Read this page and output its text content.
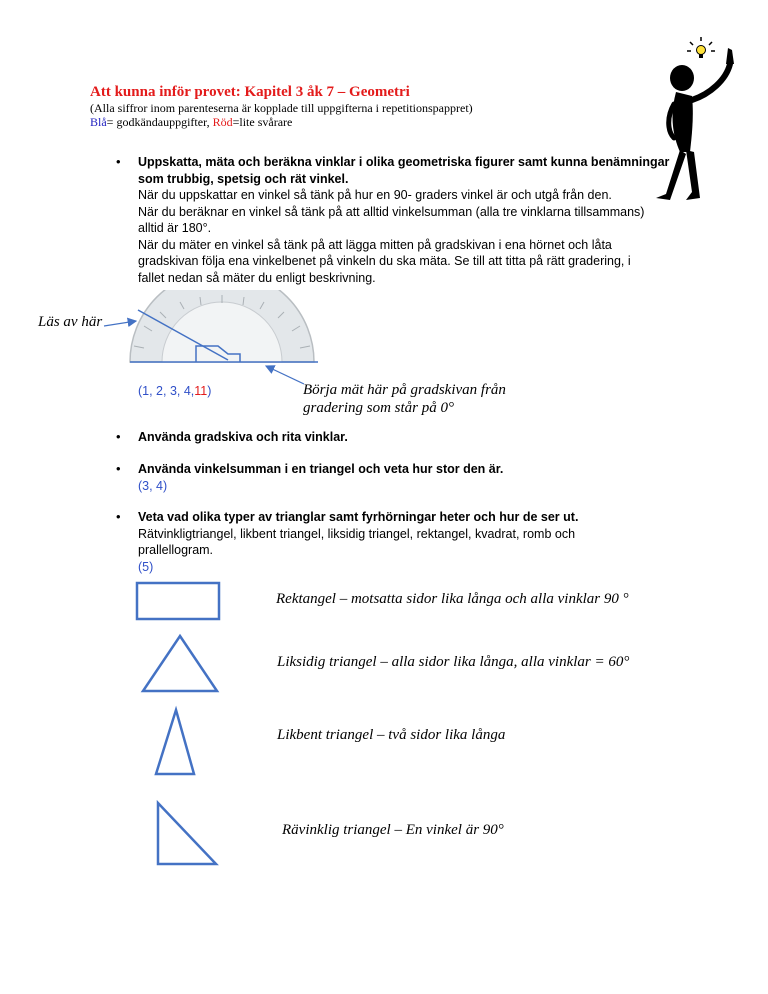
Att kunna inför provet: Kapitel 3 åk 7 – Geometri
(Alla siffror inom parenteserna är kopplade till uppgifterna i repetitionspappret)
Blå= godkändauppgifter, Röd=lite svårare
• Uppskatta, mäta och beräkna vinklar i olika geometriska figurer samt kunna benämningar
som trubbig, spetsig och rät vinkel.
När du uppskattar en vinkel så tänk på hur en 90- graders vinkel är och utgå från den.
När du beräknar en vinkel så tänk på att alltid vinkelsumman (alla tre vinklarna tillsammans)
alltid är 180°.
När du mäter en vinkel så tänk på att lägga mitten på gradskivan i ena hörnet och låta
gradskivan följa ena vinkelbenet på vinkeln du ska mäta. Se till att titta på rätt gradering, i
fallet nedan så mäter du enligt beskrivning.
Läs av här
(1, 2, 3, 4,11)	Börja mät här på gradskivan från
gradering som står på 0°
• Använda gradskiva och rita vinklar.
• Använda vinkelsumman i en triangel och veta hur stor den är.
(3, 4)
• Veta vad olika typer av trianglar samt fyrhörningar heter och hur de ser ut.
Rätvinkligtriangel, likbent triangel, liksidig triangel, rektangel, kvadrat, romb och
prallellogram.
(5)
Rektangel – motsatta sidor lika långa och alla vinklar 90 °
Liksidig triangel – alla sidor lika långa, alla vinklar = 60°
Likbent triangel – två sidor lika långa
Rävinklig triangel – En vinkel är 90°
